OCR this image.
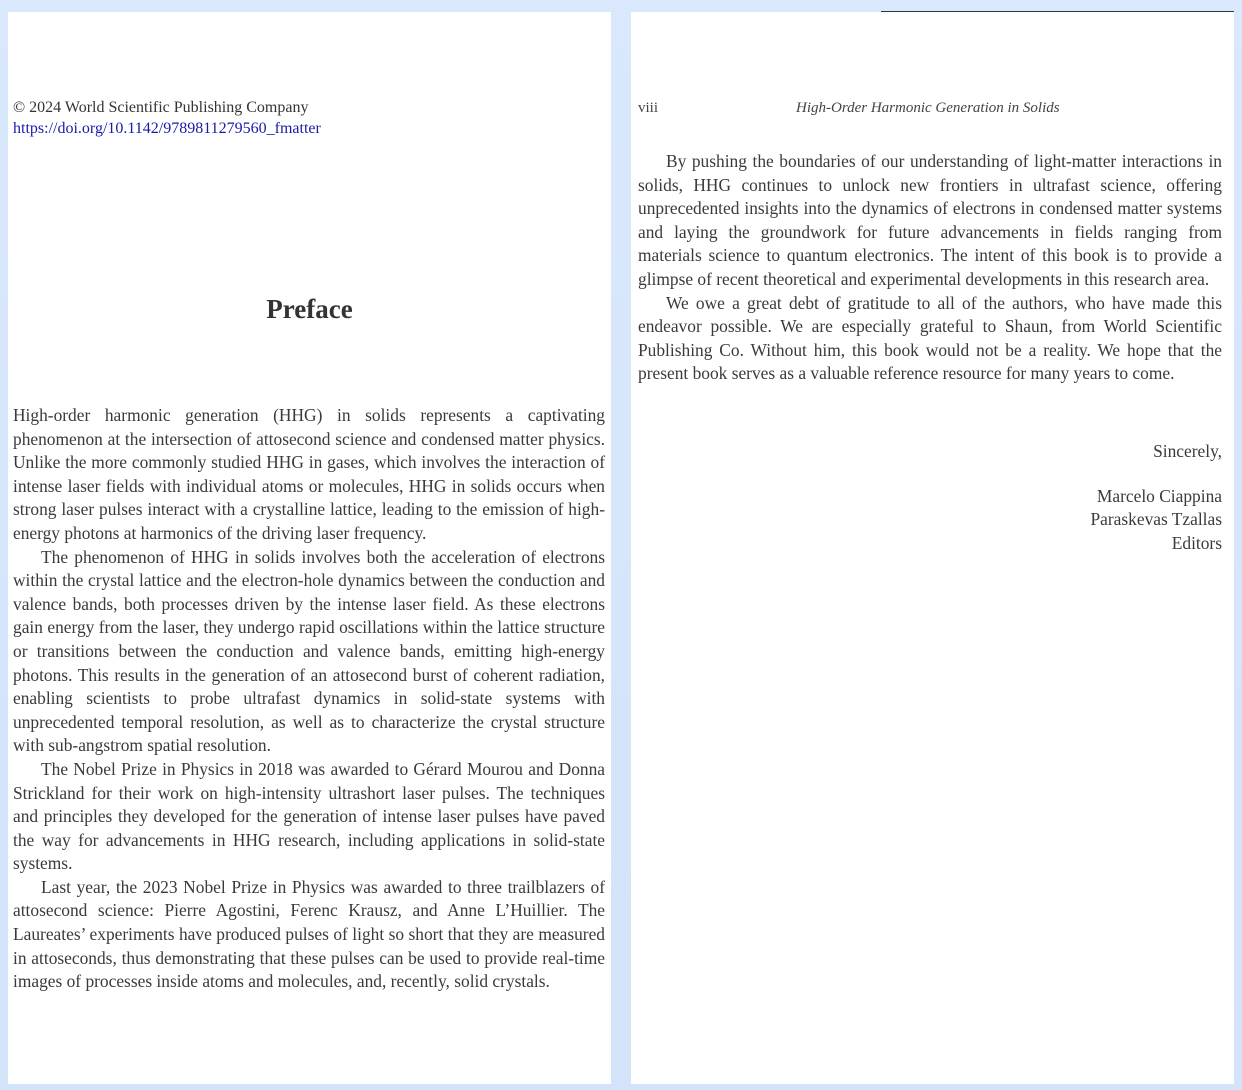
© 2024 World Scientific Publishing Company
https://doi.org/10.1142/9789811279560_fmatter
Preface

High-order harmonic generation (HHG) in solids represents a captivating phenomenon at the intersection of attosecond science and condensed matter physics. Unlike the more commonly studied HHG in gases, which involves the interaction of intense laser fields with individual atoms or molecules, HHG in solids occurs when strong laser pulses interact with a crystalline lattice, leading to the emission of high-energy photons at harmonics of the driving laser frequency.

The phenomenon of HHG in solids involves both the acceleration of electrons within the crystal lattice and the electron-hole dynamics between the conduction and valence bands, both processes driven by the intense laser field. As these electrons gain energy from the laser, they undergo rapid oscillations within the lattice structure or transitions between the conduction and valence bands, emitting high-energy photons. This results in the generation of an attosecond burst of coherent radiation, enabling scientists to probe ultrafast dynamics in solid-state systems with unprecedented temporal resolution, as well as to characterize the crystal structure with sub-angstrom spatial resolution.

The Nobel Prize in Physics in 2018 was awarded to Gérard Mourou and Donna Strickland for their work on high-intensity ultrashort laser pulses. The techniques and principles they developed for the generation of intense laser pulses have paved the way for advancements in HHG research, including applications in solid-state systems.

Last year, the 2023 Nobel Prize in Physics was awarded to three trailblazers of attosecond science: Pierre Agostini, Ferenc Krausz, and Anne L’Huillier. The Laureates’ experiments have produced pulses of light so short that they are measured in attoseconds, thus demonstrating that these pulses can be used to provide real-time images of processes inside atoms and molecules, and, recently, solid crystals.

viii	High-Order Harmonic Generation in Solids

By pushing the boundaries of our understanding of light-matter interactions in solids, HHG continues to unlock new frontiers in ultrafast science, offering unprecedented insights into the dynamics of electrons in condensed matter systems and laying the groundwork for future advancements in fields ranging from materials science to quantum electronics. The intent of this book is to provide a glimpse of recent theoretical and experimental developments in this research area.

We owe a great debt of gratitude to all of the authors, who have made this endeavor possible. We are especially grateful to Shaun, from World Scientific Publishing Co. Without him, this book would not be a reality. We hope that the present book serves as a valuable reference resource for many years to come.

Sincerely,
Marcelo Ciappina
Paraskevas Tzallas
Editors
